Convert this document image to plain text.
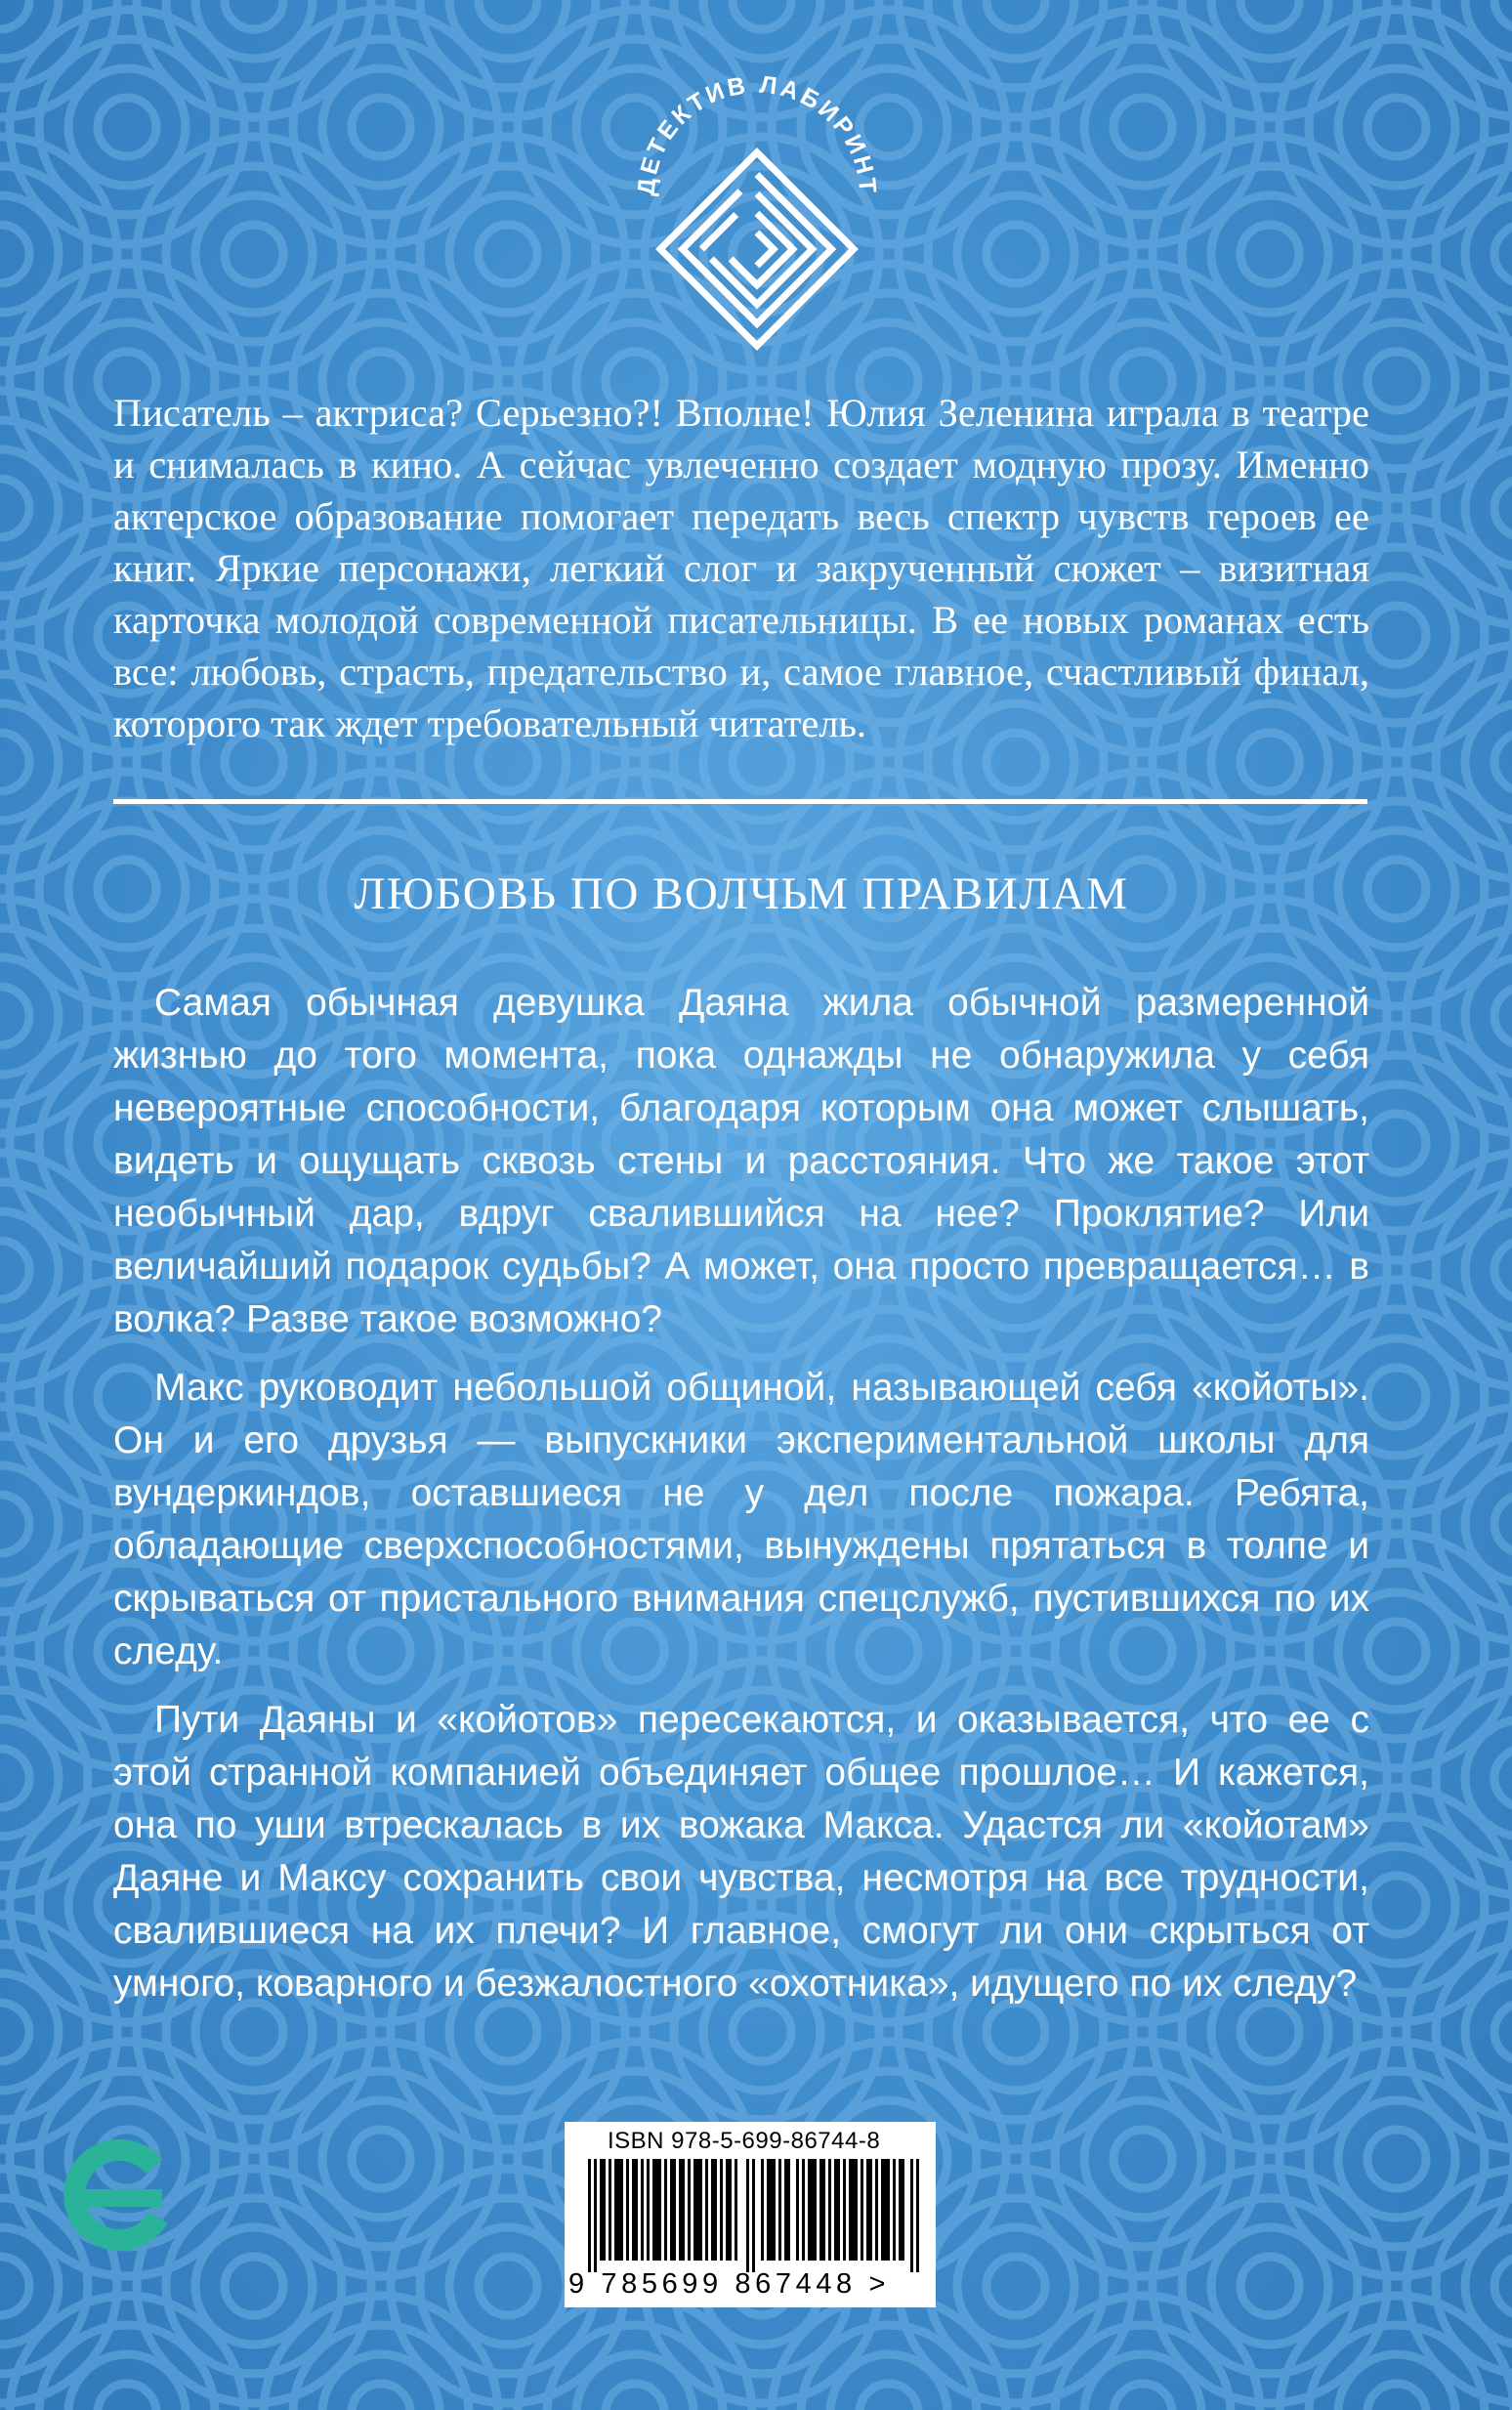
ДЕТЕКТИВ ЛАБИРИНТ
Писатель – актриса? Серьезно?! Вполне! Юлия Зеленина играла в театре и снималась в кино. А сейчас увлеченно создает модную прозу. Именно актерское образование помогает передать весь спектр чувств героев ее книг. Яркие персонажи, легкий слог и закрученный сюжет – визитная карточка молодой современной писательницы. В ее новых романах есть все: любовь, страсть, предательство и, самое главное, счастливый финал, которого так ждет требовательный читатель.
ЛЮБОВЬ ПО ВОЛЧЬМ ПРАВИЛАМ

Самая обычная девушка Даяна жила обычной размеренной жизнью до того момента, пока однажды не обнаружила у себя невероятные способности, благодаря которым она может слышать, видеть и ощущать сквозь стены и расстояния. Что же такое этот необычный дар, вдруг свалившийся на нее? Проклятие? Или величайший подарок судьбы? А может, она просто превращается… в волка? Разве такое возможно?

Макс руководит небольшой общиной, называющей себя «койоты». Он и его друзья — выпускники экспериментальной школы для вундеркиндов, оставшиеся не у дел после пожара. Ребята, обладающие сверхспособностями, вынуждены прятаться в толпе и скрываться от пристального внимания спецслужб, пустившихся по их следу.

Пути Даяны и «койотов» пересекаются, и оказывается, что ее с этой странной компанией объединяет общее прошлое… И кажется, она по уши втрескалась в их вожака Макса. Удастся ли «койотам» Даяне и Максу сохранить свои чувства, несмотря на все трудности, свалившиеся на их плечи? И главное, смогут ли они скрыться от умного, коварного и безжалостного «охотника», идущего по их следу?

ISBN 978-5-699-86744-8
9 785699 867448 >
